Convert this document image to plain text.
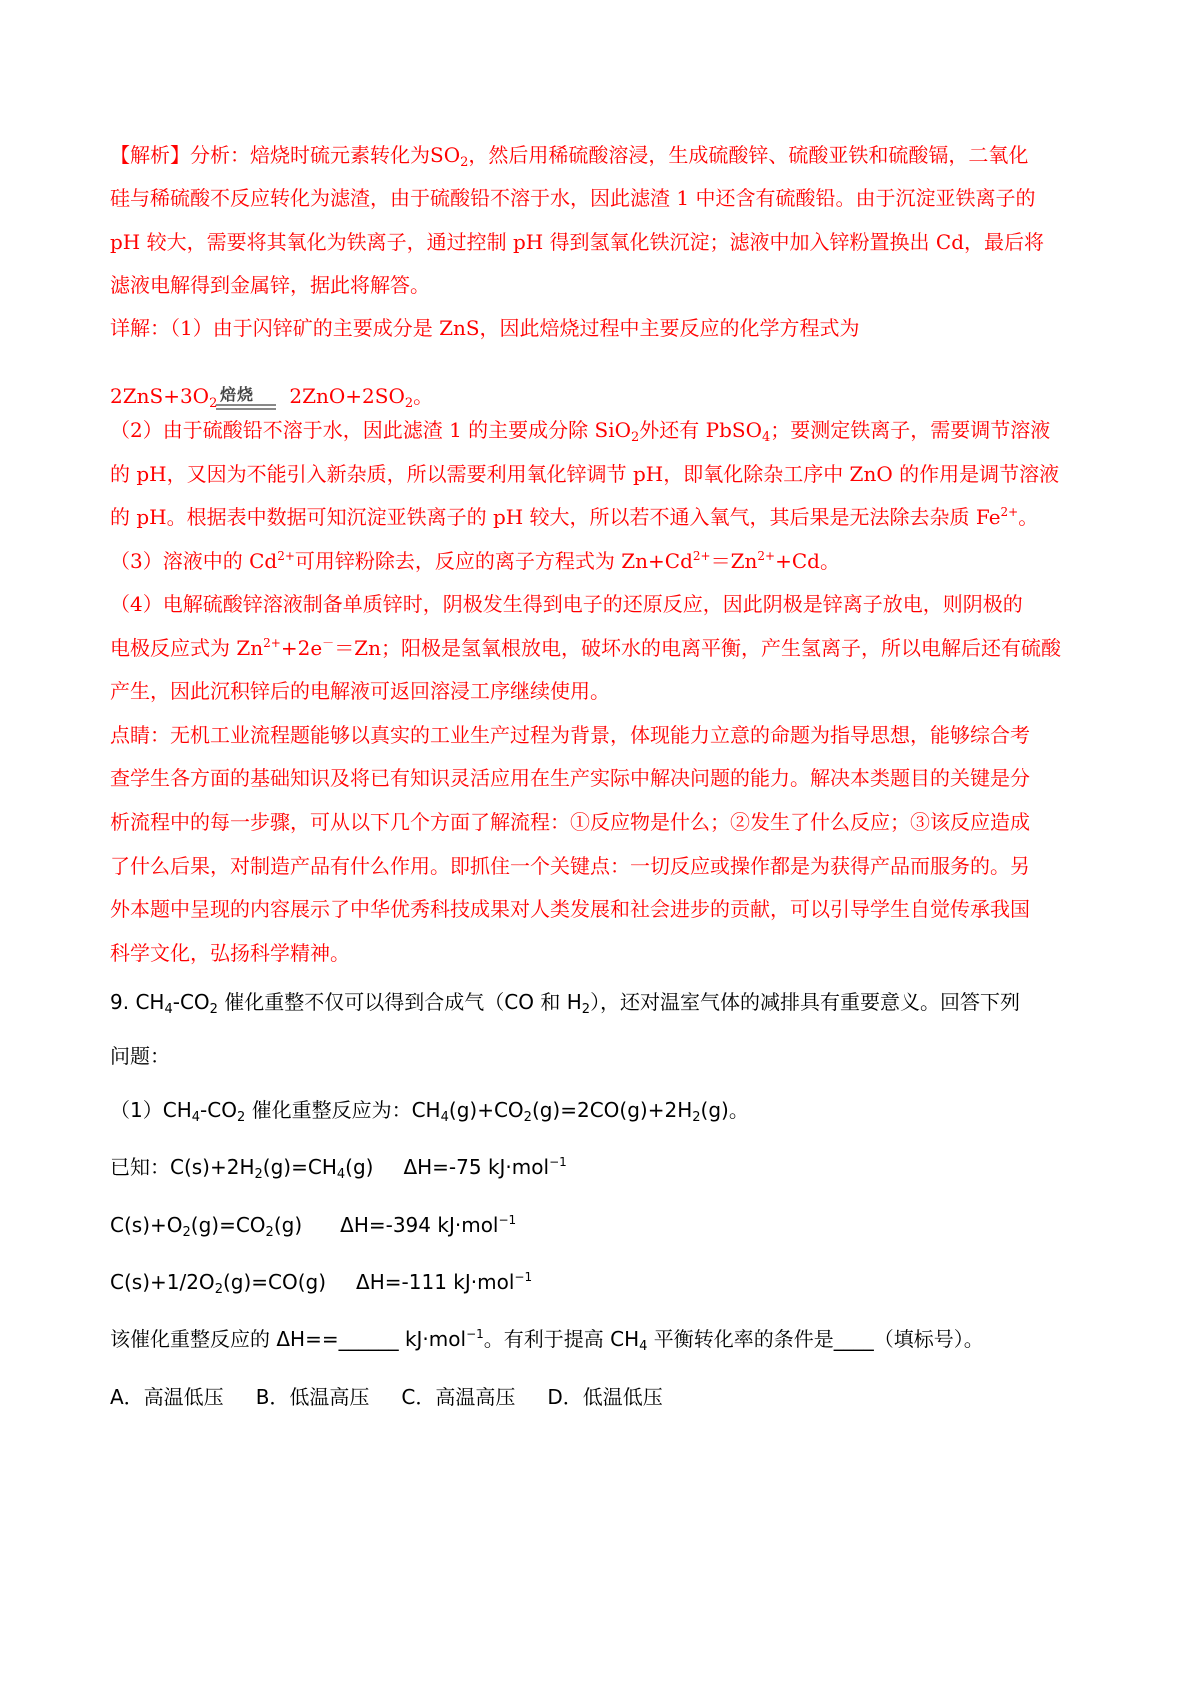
【解析】分析：焙烧时硫元素转化为$SO_2$，然后用稀硫酸溶浸，生成硫酸锌、硫酸亚铁和硫酸镉，二氧化
硅与稀硫酸不反应转化为滤渣，由于硫酸铅不溶于水，因此滤渣 1 中还含有硫酸铅。由于沉淀亚铁离子的
pH 较大，需要将其氧化为铁离子，通过控制 pH 得到氢氧化铁沉淀；滤液中加入锌粉置换出 Cd，最后将
滤液电解得到金属锌，据此将解答。
详解：（1）由于闪锌矿的主要成分是 ZnS，因此焙烧过程中主要反应的化学方程式为
焙烧
$2ZnS+3O_2$	$2ZnO+2SO_2$。
（2）由于硫酸铅不溶于水，因此滤渣 1 的主要成分除 SiO$_2$外还有 PbSO$_4$；要测定铁离子，需要调节溶液
的 pH，又因为不能引入新杂质，所以需要利用氧化锌调节 pH，即氧化除杂工序中 ZnO 的作用是调节溶液
的 pH。根据表中数据可知沉淀亚铁离子的 pH 较大，所以若不通入氧气，其后果是无法除去杂质 $Fe^{2+}$。
（3）溶液中的 $Cd^{2+}$可用锌粉除去，反应的离子方程式为 $Zn+Cd^{2+}=Zn^{2+}+Cd$。
（4）电解硫酸锌溶液制备单质锌时，阴极发生得到电子的还原反应，因此阴极是锌离子放电，则阴极的
电极反应式为 $Zn^{2+}+2e^-=Zn$；阳极是氢氧根放电，破坏水的电离平衡，产生氢离子，所以电解后还有硫酸
产生，因此沉积锌后的电解液可返回溶浸工序继续使用。
点睛：无机工业流程题能够以真实的工业生产过程为背景，体现能力立意的命题为指导思想，能够综合考
查学生各方面的基础知识及将已有知识灵活应用在生产实际中解决问题的能力。解决本类题目的关键是分
析流程中的每一步骤，可从以下几个方面了解流程：①反应物是什么；②发生了什么反应；③该反应造成
了什么后果，对制造产品有什么作用。即抓住一个关键点：一切反应或操作都是为获得产品而服务的。另
外本题中呈现的内容展示了中华优秀科技成果对人类发展和社会进步的贡献，可以引导学生自觉传承我国
科学文化，弘扬科学精神。
9. $CH_4-CO_2$ 催化重整不仅可以得到合成气（CO 和 $H_2$），还对温室气体的减排具有重要意义。回答下列
问题：
$(1)CH_4-CO_2$ 催化重整反应为：$CH_4(g)+CO_2(g)=2CO(g)+2H_2(g)$。
已知：$C(s)+2H_2(g)=CH_4(g)$ ΔH=-75 kJ·mol$^{-1}$
$C(s)+O_2(g)=CO_2(g)$ ΔH=-394 kJ·mol$^{-1}$
$C(s)+1/2O_2(g)=CO(g)$ ΔH=-111 kJ·mol$^{-1}$
该催化重整反应的 ΔH==______ kJ·mol$^{-1}$。有利于提高 $CH_4$ 平衡转化率的条件是____（填标号）。
A．高温低压 B．低温高压 C．高温高压 D．低温低压
